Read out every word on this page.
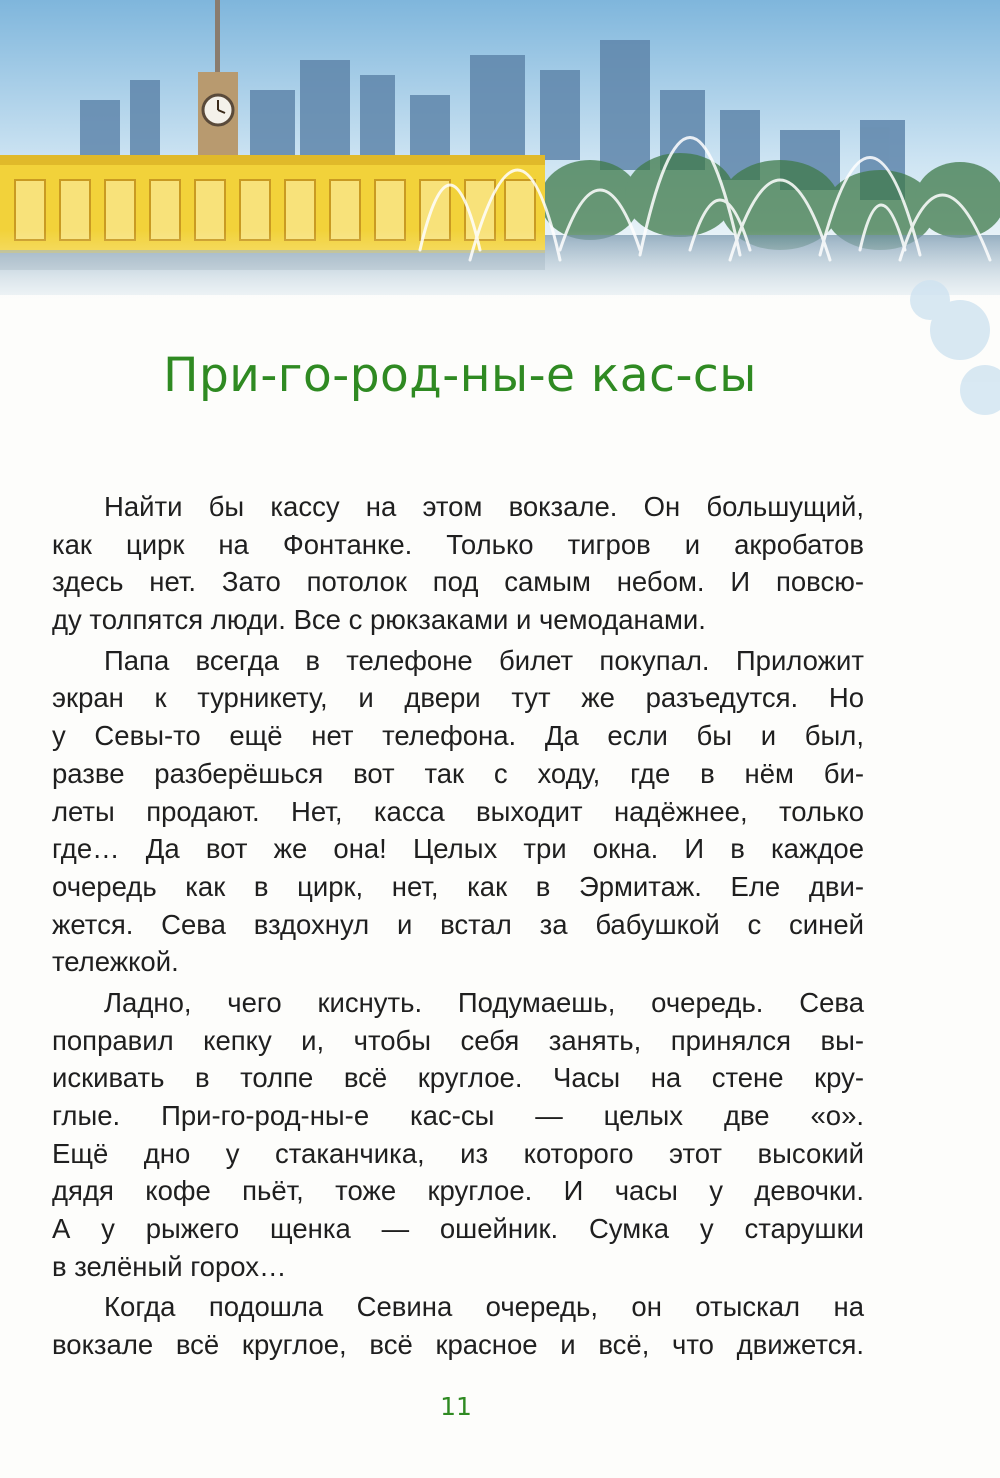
При-го-род-ны-е кас-сы
Найти бы кассу на этом вокзале. Он большущий,
как цирк на Фонтанке. Только тигров и акробатов
здесь нет. Зато потолок под самым небом. И повсю-
ду толпятся люди. Все с рюкзаками и чемоданами.
Папа всегда в телефоне билет покупал. Приложит
экран к турникету, и двери тут же разъедутся. Но
у Севы-то ещё нет телефона. Да если бы и был,
разве разберёшься вот так с ходу, где в нём би-
леты продают. Нет, касса выходит надёжнее, только
где… Да вот же она! Целых три окна. И в каждое
очередь как в цирк, нет, как в Эрмитаж. Еле дви-
жется. Сева вздохнул и встал за бабушкой с синей
тележкой.
Ладно, чего киснуть. Подумаешь, очередь. Сева
поправил кепку и, чтобы себя занять, принялся вы-
искивать в толпе всё круглое. Часы на стене кру-
глые. При-го-род-ны-е кас-сы — целых две «о».
Ещё дно у стаканчика, из которого этот высокий
дядя кофе пьёт, тоже круглое. И часы у девочки.
А у рыжего щенка — ошейник. Сумка у старушки
в зелёный горох…
Когда подошла Севина очередь, он отыскал на
вокзале всё круглое, всё красное и всё, что движется.
11
